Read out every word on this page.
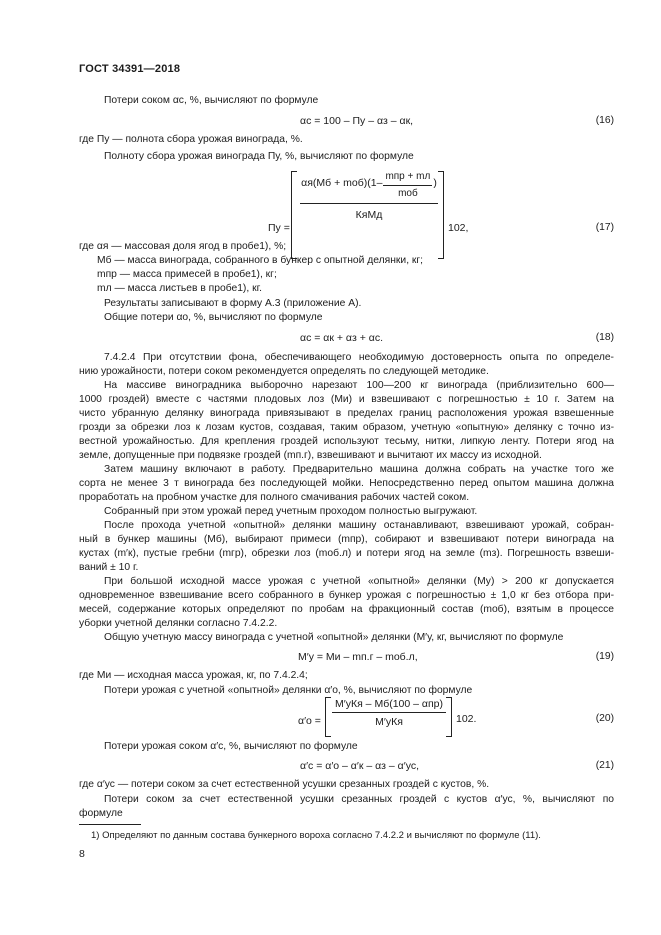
ГОСТ 34391—2018
Потери соком αс, %, вычисляют по формуле
αс = 100 – Пу – αз – αк,	(16)
где Пу — полнота сбора урожая винограда, %.
Полноту сбора урожая винограда Пу, %, вычисляют по формуле
Пу =
$\alpha я(Мб + mоб)(1- \frac{\text{mпр + mл}}{\text{mоб}}$ )
КяМд
102,	(17)
где αя — массовая доля ягод в пробе1), %;
Мб — масса винограда, собранного в бункер с опытной делянки, кг;
mпр — масса примесей в пробе1), кг;
mл — масса листьев в пробе1), кг.
Результаты записывают в форму А.3 (приложение А).
Общие потери αо, %, вычисляют по формуле
αс = αк + αз + αс.	(18)
7.4.2.4 При отсутствии фона, обеспечивающего необходимую достоверность опыта по определе-
нию урожайности, потери соком рекомендуется определять по следующей методике.
На массиве виноградника выборочно нарезают 100—200 кг винограда (приблизительно 600—
1000 гроздей) вместе с частями плодовых лоз (Ми) и взвешивают с погрешностью ± 10 г. Затем на
чисто убранную делянку винограда привязывают в пределах границ расположения урожая взвешенные
грозди за обрезки лоз к лозам кустов, создавая, таким образом, учетную «опытную» делянку с точно из-
вестной урожайностью. Для крепления гроздей используют тесьму, нитки, липкую ленту. Потери ягод на
земле, допущенные при подвязке гроздей (mп.г), взвешивают и вычитают их массу из исходной.
Затем машину включают в работу. Предварительно машина должна собрать на участке того же
сорта не менее 3 т винограда без последующей мойки. Непосредственно перед опытом машина должна
проработать на пробном участке для полного смачивания рабочих частей соком.
Собранный при этом урожай перед учетным проходом полностью выгружают.
После прохода учетной «опытной» делянки машину останавливают, взвешивают урожай, собран-
ный в бункер машины (Мб), выбирают примеси (mпр), собирают и взвешивают потери винограда на
кустах (m′к), пустые гребни (mгр), обрезки лоз (mоб.л) и потери ягод на земле (mз). Погрешность взвеши-
ваний ± 10 г.
При большой исходной массе урожая с учетной «опытной» делянки (Му) > 200 кг допускается
одновременное взвешивание всего собранного в бункер урожая с погрешностью ± 1,0 кг без отбора при-
месей, содержание которых определяют по пробам на фракционный состав (mоб), взятым в процессе
уборки учетной делянки согласно 7.4.2.2.
Общую учетную массу винограда с учетной «опытной» делянки (М′у, кг, вычисляют по формуле
М′у = Ми – mп.г – mоб.л,	(19)
где Ми — исходная масса урожая, кг, по 7.4.2.4;
Потери урожая с учетной «опытной» делянки α′о, %, вычисляют по формуле
α′о =
М′уКя – Мб(100 – αпр)
М′уКя	102.	(20)
Потери урожая соком α′с, %, вычисляют по формуле
α′с = α′о – α′к – αз – α′ус,	(21)
где α′ус — потери соком за счет естественной усушки срезанных гроздей с кустов, %.
Потери соком за счет естественной усушки срезанных гроздей с кустов α′ус, %, вычисляют по
формуле
1) Определяют по данным состава бункерного вороха согласно 7.4.2.2 и вычисляют по формуле (11).
8
